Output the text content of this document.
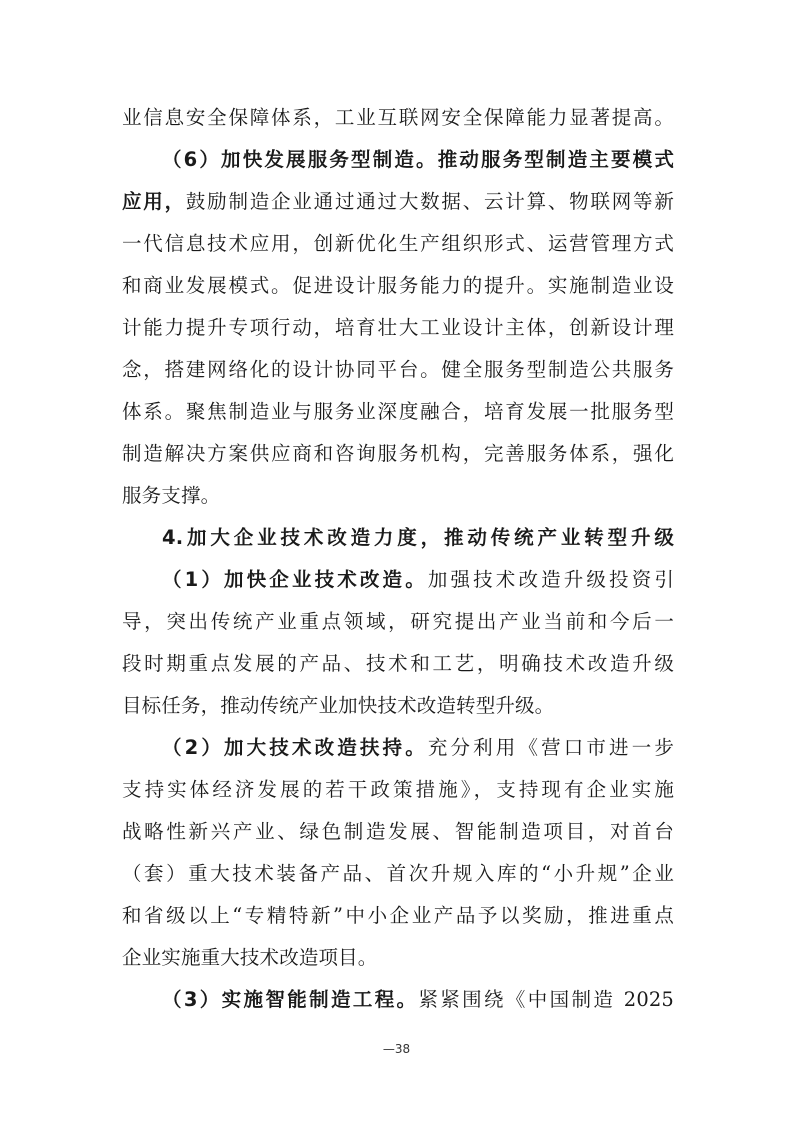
业信息安全保障体系，工业互联网安全保障能力显著提高。
（6）加快发展服务型制造。推动服务型制造主要模式
应用，鼓励制造企业通过通过大数据、云计算、物联网等新
一代信息技术应用，创新优化生产组织形式、运营管理方式
和商业发展模式。促进设计服务能力的提升。实施制造业设
计能力提升专项行动，培育壮大工业设计主体，创新设计理
念，搭建网络化的设计协同平台。健全服务型制造公共服务
体系。聚焦制造业与服务业深度融合，培育发展一批服务型
制造解决方案供应商和咨询服务机构，完善服务体系，强化
服务支撑。
4.加大企业技术改造力度，推动传统产业转型升级
（1）加快企业技术改造。加强技术改造升级投资引
导，突出传统产业重点领域，研究提出产业当前和今后一
段时期重点发展的产品、技术和工艺，明确技术改造升级
目标任务，推动传统产业加快技术改造转型升级。
（2）加大技术改造扶持。充分利用《营口市进一步
支持实体经济发展的若干政策措施》，支持现有企业实施
战略性新兴产业、绿色制造发展、智能制造项目，对首台
（套）重大技术装备产品、首次升规入库的“小升规”企业
和省级以上“专精特新”中小企业产品予以奖励，推进重点
企业实施重大技术改造项目。
（3）实施智能制造工程。紧紧围绕《中国制造 2025
—38
